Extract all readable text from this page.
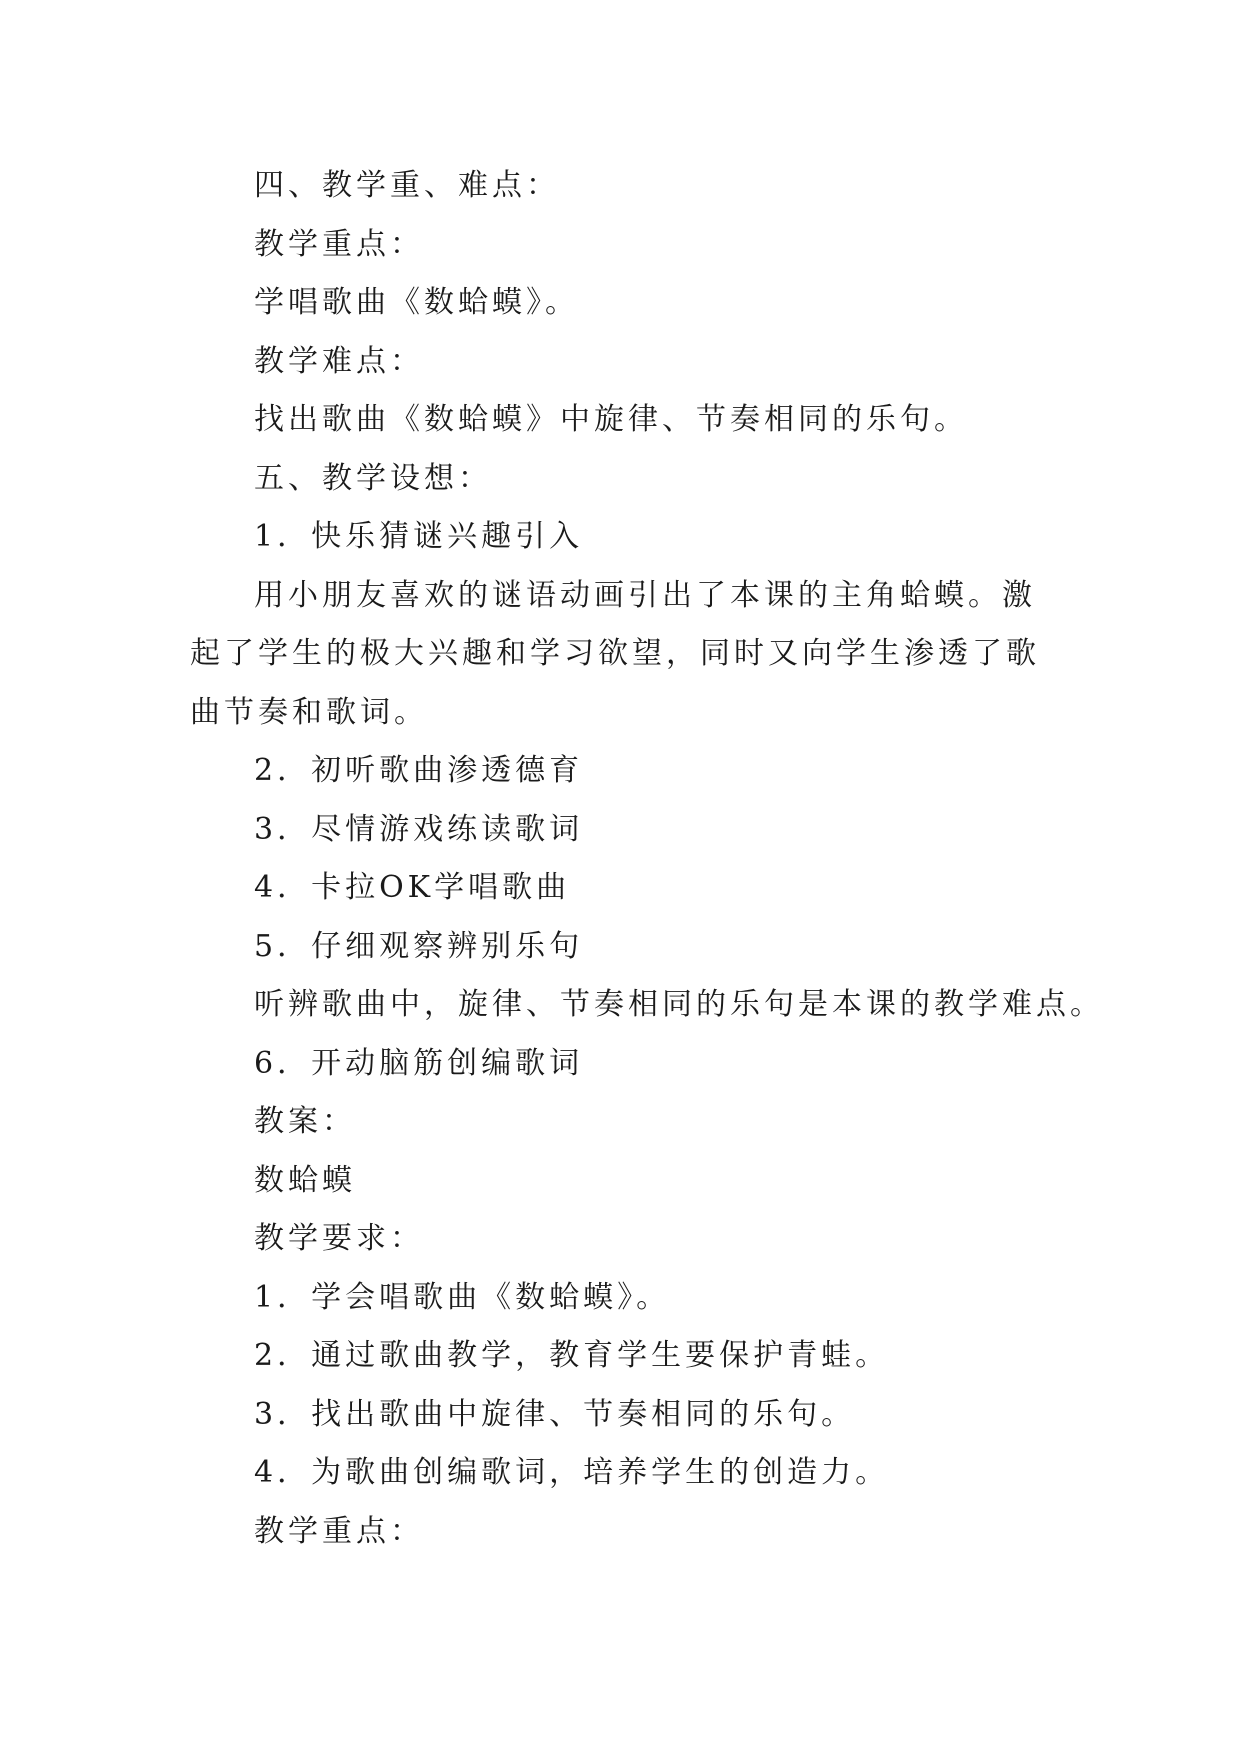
四、教学重、难点：
教学重点：
学唱歌曲《数蛤蟆》。
教学难点：
找出歌曲《数蛤蟆》中旋律、节奏相同的乐句。
五、教学设想：
1．快乐猜谜兴趣引入
用小朋友喜欢的谜语动画引出了本课的主角蛤蟆。激起了学生的极大兴趣和学习欲望，同时又向学生渗透了歌曲节奏和歌词。
2．初听歌曲渗透德育
3．尽情游戏练读歌词
4．卡拉OK学唱歌曲
5．仔细观察辨别乐句
听辨歌曲中，旋律、节奏相同的乐句是本课的教学难点。
6．开动脑筋创编歌词
教案：
数蛤蟆
教学要求：
1．学会唱歌曲《数蛤蟆》。
2．通过歌曲教学，教育学生要保护青蛙。
3．找出歌曲中旋律、节奏相同的乐句。
4．为歌曲创编歌词，培养学生的创造力。
教学重点：
